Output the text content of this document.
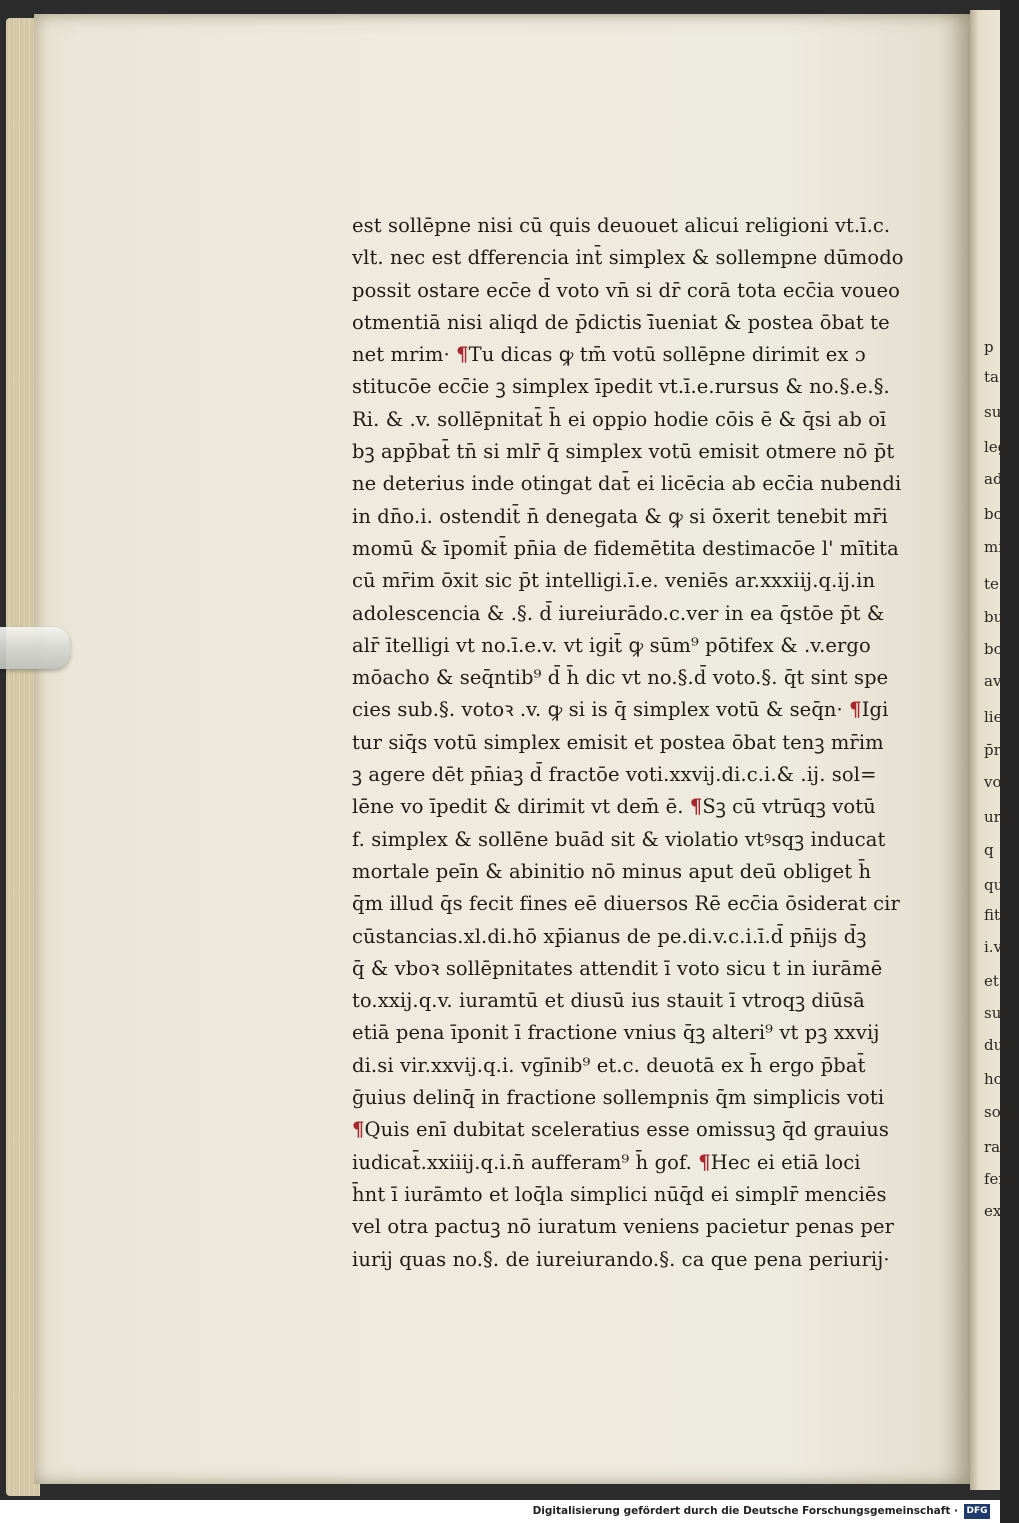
p
ta
su
leg
ad
bo
mi
te
bu
bo
av
lie
p̄r
vou
urti
q
qu
fitu
i.vi
et
sua
duo
ho
sollo
rac
ferd
ex
est sollēpne nisi cū quis deuouet alicui religioni vt.ī.c.
vlt. nec est dfferencia int̄ simplex & sollempne dūmodo
possit ostare ecc̄e d̄ voto vn̄ si dr̄ corā tota ecc̄ia voueo
otmentiā nisi aliqd de p̄dictis ī̄ueniat & postea ōbat te
net mrim· ¶Tu dicas ꝙ tm̄ votū sollēpne dirimit ex ɔ
stitucōe ecc̄ie ꝫ simplex īpedit vt.ī.e.rursus & no.§.e.§.
Ri. & .v. sollēpnitat̄ h̄ ei oppio hodie cōis ē & q̄si ab oī
bꝫ app̄bat̄ tn̄ si mlr̄ q̄ simplex votū emisit otmere nō p̄t
ne deterius inde otingat dat̄ ei licēcia ab ecc̄ia nubendi
in dn̄o.i. ostendit̄ n̄ denegata & ꝙ si ōxerit tenebit mr̄i
momū & īpomit̄ pn̄ia de fidemētita destimacōe l' mītita
cū mr̄im ōxit sic p̄t intelligi.ī.e. veniēs ar.xxxiij.q.ij.in
adolescencia & .§. d̄ iureiurādo.c.ver in ea q̄stōe p̄t &
alr̄ ītelligi vt no.ī.e.v. vt igit̄ ꝙ sūm⁹ pōtifex & .v.ergo
mōacho & seq̄ntib⁹ d̄ h̄ dic vt no.§.d̄ voto.§. q̄t sint spe
cies sub.§. votoꝛ .v. ꝙ si is q̄ simplex votū & seq̄n· ¶Igi
tur siq̄s votū simplex emisit et postea ōbat tenꝫ mr̄im
ꝫ agere dēt pn̄iaꝫ d̄ fractōe voti.xxvij.di.c.i.& .ij. sol=
lēne vo īpedit & dirimit vt dem̄ ē. ¶Sꝫ cū vtrūqꝫ votū
f. simplex & sollēne buād sit & violatio vtꝰsqꝫ inducat
mortale peīn & abinitio nō minus aput deū obliget h̄
q̄m illud q̄s fecit fines eē diuersos Rē ecc̄ia ōsiderat cir
cūstancias.xl.di.hō xp̄ianus de pe.di.v.c.i.ī.d̄ pn̄ijs d̄ꝫ
q̄ & vboꝛ sollēpnitates attendit ī voto sicu t in iurāmē
to.xxij.q.v. iuramtū et diusū ius stauit ī vtroqꝫ diūsā
etiā pena īponit ī fractione vnius q̄ꝫ alteri⁹ vt pꝫ xxvij
di.si vir.xxvij.q.i. vgīnib⁹ et.c. deuotā ex h̄ ergo p̄bat̄
ḡuius delinq̄ in fractione sollempnis q̄m simplicis voti
¶Quis enī dubitat sceleratius esse omissuꝫ q̄d grauius
iudicat̄.xxiiij.q.i.n̄ aufferam⁹ h̄ gof. ¶Hec ei etiā loci
h̄nt ī iurāmto et loq̄la simplici nūq̄d ei simplr̄ menciēs
vel otra pactuꝫ nō iuratum veniens pacietur penas per
iurij quas no.§. de iureiurando.§. ca que pena periurij·
Digitalisierung gefördert durch die Deutsche Forschungsgemeinschaft · DFG
